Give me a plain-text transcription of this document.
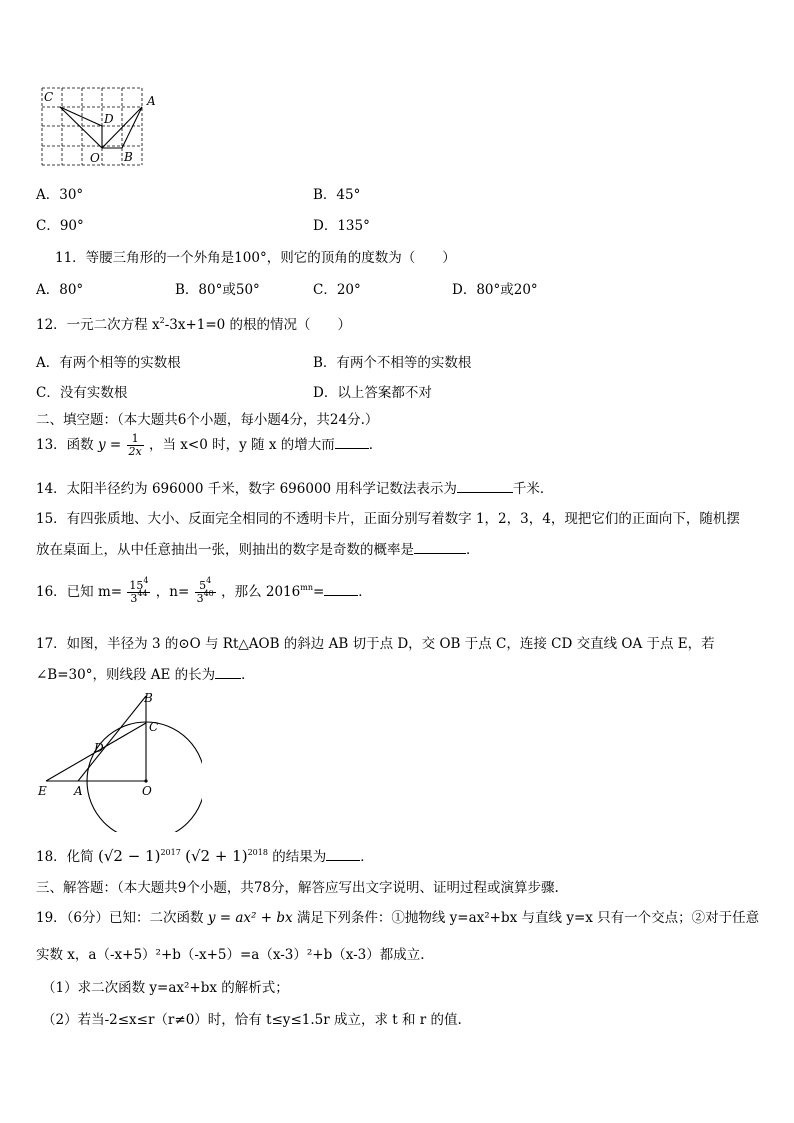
C	A
D
O B
A．30°	B．45°
C．90°	D．135°
11．等腰三角形的一个外角是100°，则它的顶角的度数为（　　）
A．80°	B．80°或50°	C．20°	D．80°或20°
12．一元二次方程 $x^2-3x+1=0$ 的根的情况（　　）
A．有两个相等的实数根	B．有两个不相等的实数根
C．没有实数根	D．以上答案都不对
二、填空题：（本大题共6个小题，每小题4分，共24分.）
13．函数 $y = \frac{1}{2x}$ ，当 x<0 时，y 随 x 的增大而	．
14．太阳半径约为 696000 千米，数字 696000 用科学记数法表示为	千米．
15．有四张质地、大小、反面完全相同的不透明卡片，正面分别写着数字 1，2，3，4，现把它们的正面向下，随机摆
放在桌面上，从中任意抽出一张，则抽出的数字是奇数的概率是	．
16．已知 $m= \frac{15^4}{3^{44}}$ ，$n= \frac{5^4}{3^{40}}$ ，那么 $2016^{mn}=$	．
17．如图，半径为 3 的⊙O 与 Rt△AOB 的斜边 AB 切于点 D，交 OB 于点 C，连接 CD 交直线 OA 于点 E，若
∠B=30°，则线段 AE 的长为 ．
B
C
D
E A	O
18．化简 $(√2 - 1)^{2017}$ $(√2 + 1)^{2018}$ 的结果为	．
三、解答题：（本大题共9个小题，共78分，解答应写出文字说明、证明过程或演算步骤.
19．（6分）已知：二次函数 y = ax² + bx 满足下列条件：①抛物线 y=ax²+bx 与直线 y=x 只有一个交点；②对于任意
实数 x，a（-x+5）²+b（-x+5）=a（x-3）²+b（x-3）都成立.
（1）求二次函数 y=ax²+bx 的解析式；
（2）若当-2≤x≤r（r≠0）时，恰有 t≤y≤1.5r 成立，求 t 和 r 的值.
